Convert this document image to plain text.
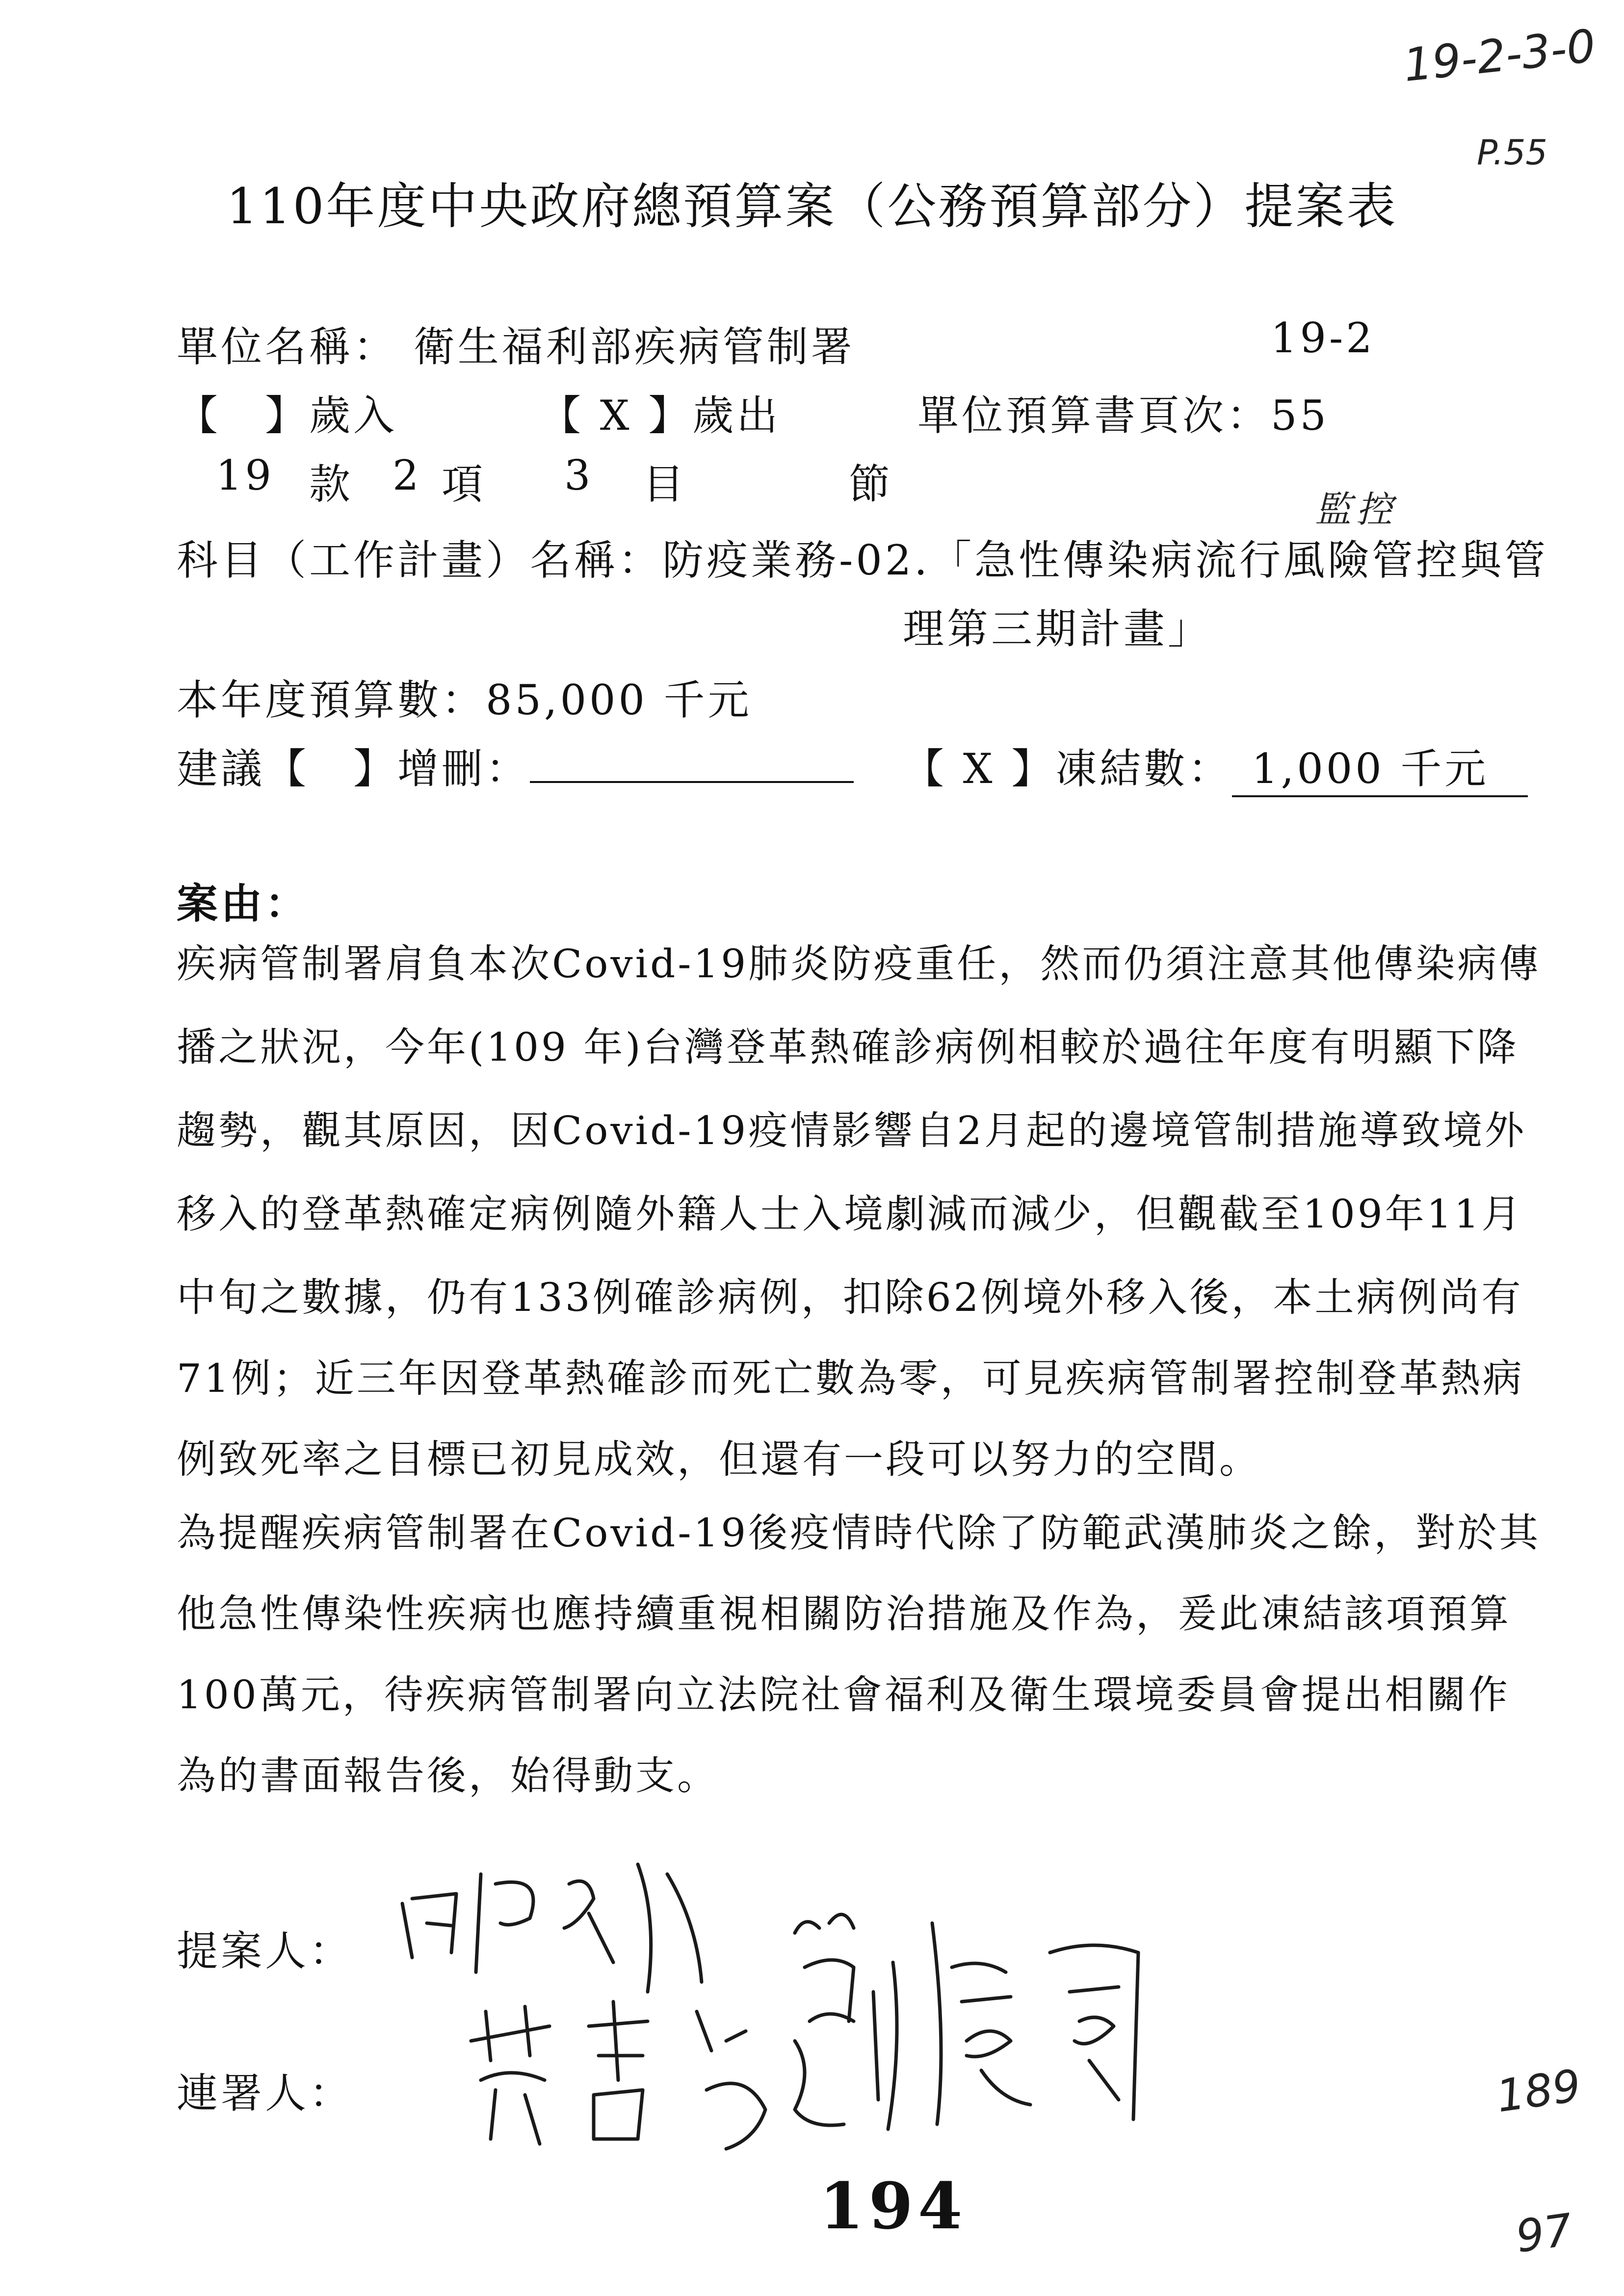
19-2-3-0
P.55
110年度中央政府總預算案（公務預算部分）提案表
單位名稱： 衛生福利部疾病管制署	19-2
【　】歲入	【 X 】歲出	單位預算書頁次：55
19 款 2 項 3 目	節
科目（工作計畫）名稱：防疫業務-02.「急性傳染病流行風險管控與管
監控
理第三期計畫」
本年度預算數：85,000 千元
建議【　】增刪：	【 X 】凍結數： 1,000 千元
案由：
疾病管制署肩負本次Covid-19肺炎防疫重任，然而仍須注意其他傳染病傳
播之狀況，今年(109 年)台灣登革熱確診病例相較於過往年度有明顯下降
趨勢，觀其原因，因Covid-19疫情影響自2月起的邊境管制措施導致境外
移入的登革熱確定病例隨外籍人士入境劇減而減少，但觀截至109年11月
中旬之數據，仍有133例確診病例，扣除62例境外移入後，本土病例尚有
71例；近三年因登革熱確診而死亡數為零，可見疾病管制署控制登革熱病
例致死率之目標已初見成效，但還有一段可以努力的空間。
為提醒疾病管制署在Covid-19後疫情時代除了防範武漢肺炎之餘，對於其
他急性傳染性疾病也應持續重視相關防治措施及作為，爰此凍結該項預算
100萬元，待疾病管制署向立法院社會福利及衛生環境委員會提出相關作
為的書面報告後，始得動支。
提案人：
連署人：
194
189
97
